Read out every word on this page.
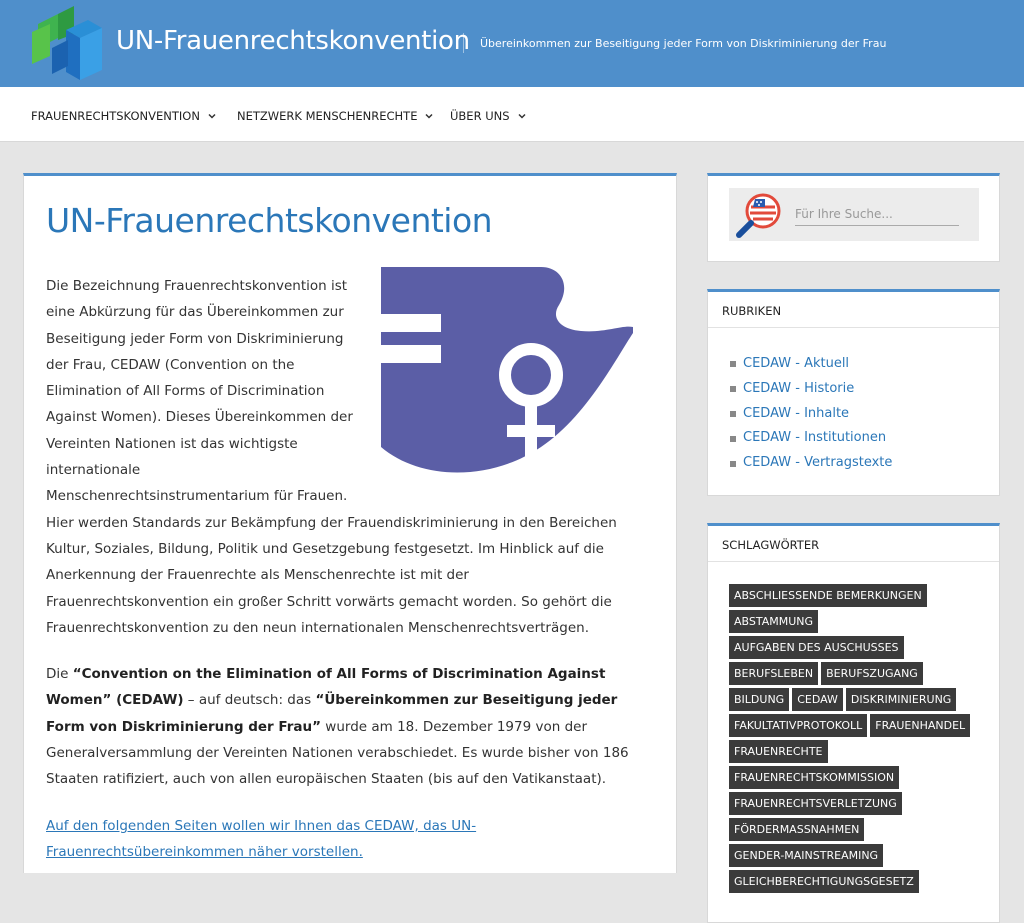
UN-Frauenrechtskonvention Übereinkommen zur Beseitigung jeder Form von Diskriminierung der Frau
FRAUENRECHTSKONVENTION	NETZWERK MENSCHENRECHTE	ÜBER UNS
UN-Frauenrechtskonvention

Die Bezeichnung Frauenrechtskonvention ist eine Abkürzung für das Übereinkommen zur Beseitigung jeder Form von Diskriminierung der Frau, CEDAW (Convention on the Elimination of All Forms of Discrimination Against Women). Dieses Übereinkommen der Vereinten Nationen ist das wichtigste internationale Menschenrechtsinstrumentarium für Frauen. Hier werden Standards zur Bekämpfung der Frauendiskriminierung in den Bereichen Kultur, Soziales, Bildung, Politik und Gesetzgebung festgesetzt. Im Hinblick auf die Anerkennung der Frauenrechte als Menschenrechte ist mit der Frauenrechtskonvention ein großer Schritt vorwärts gemacht worden. So gehört die Frauenrechtskonvention zu den neun internationalen Menschenrechtsverträgen.

Die “Convention on the Elimination of All Forms of Discrimination Against Women” (CEDAW) – auf deutsch: das “Übereinkommen zur Beseitigung jeder Form von Diskriminierung der Frau” wurde am 18. Dezember 1979 von der Generalversammlung der Vereinten Nationen verabschiedet. Es wurde bisher von 186 Staaten ratifiziert, auch von allen europäischen Staaten (bis auf den Vatikanstaat).

Auf den folgenden Seiten wollen wir Ihnen das CEDAW, das UN-Frauenrechtsübereinkommen näher vorstellen.

Für Ihre Suche...
RUBRIKEN
CEDAW - Aktuell
CEDAW - Historie
CEDAW - Inhalte
CEDAW - Institutionen
CEDAW - Vertragstexte
SCHLAGWÖRTER
ABSCHLIESSENDE BEMERKUNGENABSTAMMUNGAUFGABEN DES AUSCHUSSESBERUFSLEBEN BERUFSZUGANGBILDUNG CEDAW DISKRIMINIERUNGFAKULTATIVPROTOKOLL FRAUENHANDELFRAUENRECHTEFRAUENRECHTSKOMMISSIONFRAUENRECHTSVERLETZUNGFÖRDERMASSNAHMENGENDER-MAINSTREAMINGGLEICHBERECHTIGUNGSGESETZ
